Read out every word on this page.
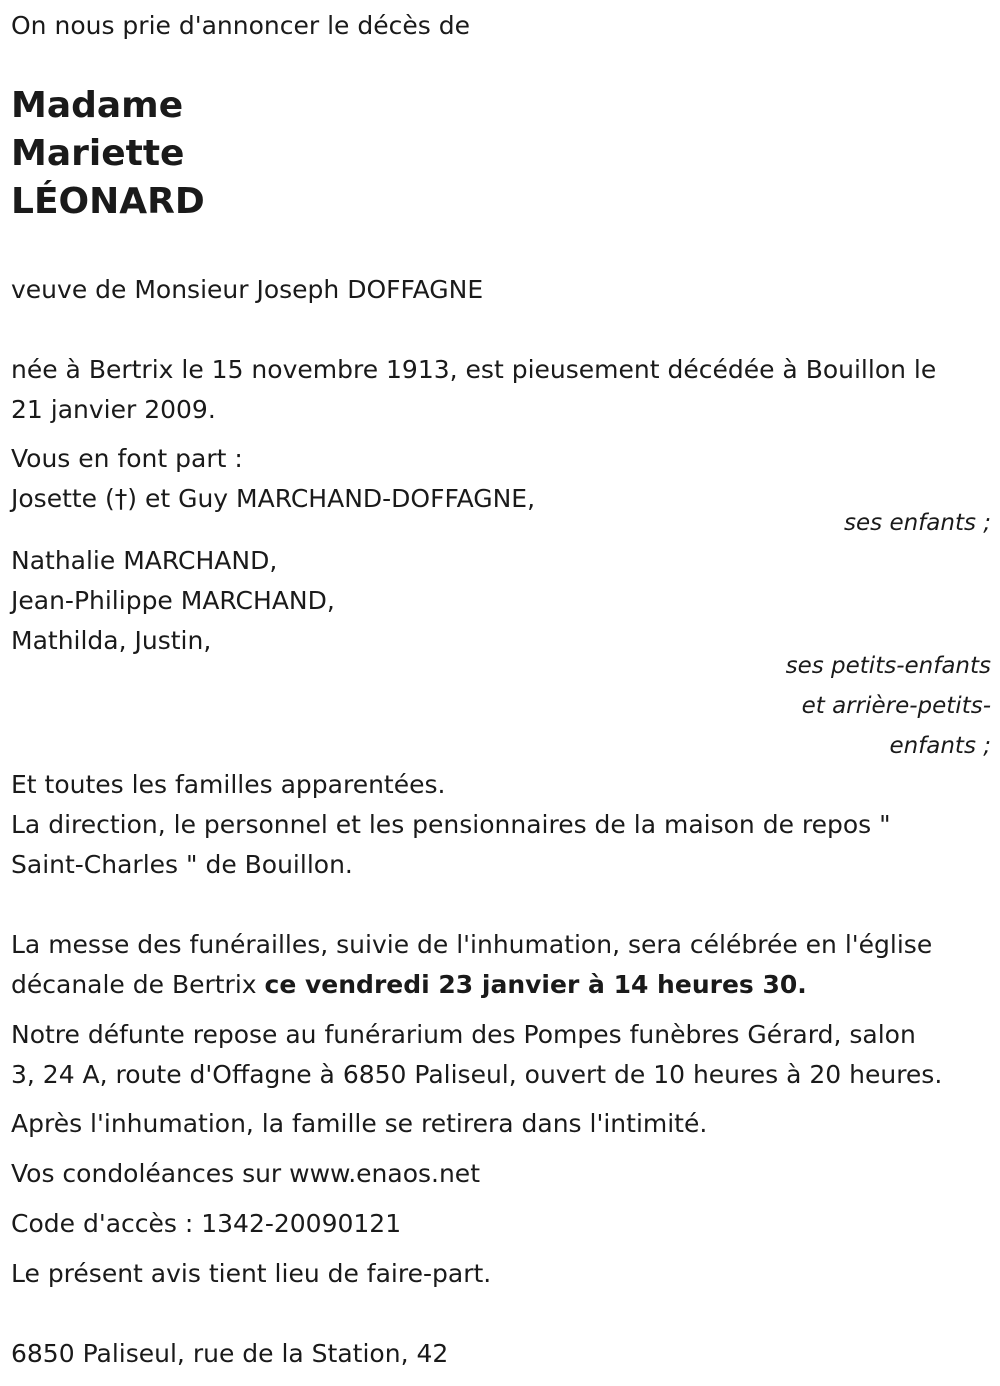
On nous prie d'annoncer le décès de
Madame
Mariette
LÉONARD
veuve de Monsieur Joseph DOFFAGNE
née à Bertrix le 15 novembre 1913, est pieusement décédée à Bouillon le
21 janvier 2009.
Vous en font part :
Josette (†) et Guy MARCHAND-DOFFAGNE,
ses enfants ;
Nathalie MARCHAND,
Jean-Philippe MARCHAND,
Mathilda, Justin,
ses petits-enfants
et arrière-petits-
enfants ;
Et toutes les familles apparentées.
La direction, le personnel et les pensionnaires de la maison de repos "
Saint-Charles " de Bouillon.
La messe des funérailles, suivie de l'inhumation, sera célébrée en l'église
décanale de Bertrix ce vendredi 23 janvier à 14 heures 30.
Notre défunte repose au funérarium des Pompes funèbres Gérard, salon
3, 24 A, route d'Offagne à 6850 Paliseul, ouvert de 10 heures à 20 heures.
Après l'inhumation, la famille se retirera dans l'intimité.
Vos condoléances sur www.enaos.net
Code d'accès : 1342-20090121
Le présent avis tient lieu de faire-part.
6850 Paliseul, rue de la Station, 42
